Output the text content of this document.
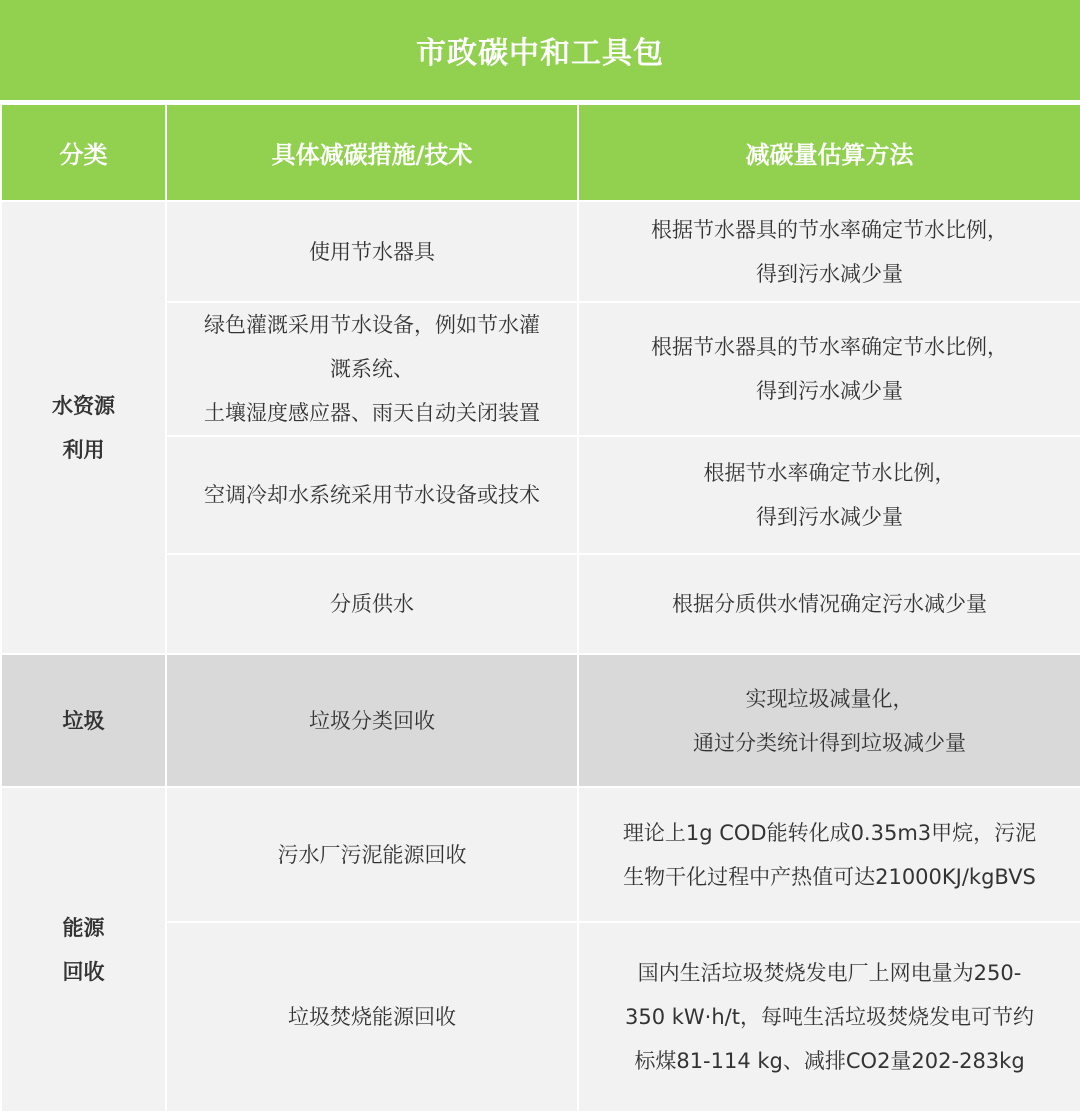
市政碳中和工具包
分类	具体减碳措施/技术	减碳量估算方法

水资源
利用	使用节水器具	根据节水器具的节水率确定节水比例，
得到污水减少量

	绿色灌溉采用节水设备，例如节水灌
溉系统、
土壤湿度感应器、雨天自动关闭装置	根据节水器具的节水率确定节水比例，
得到污水减少量

	空调冷却水系统采用节水设备或技术	根据节水率确定节水比例，
得到污水减少量

	分质供水	根据分质供水情况确定污水减少量

垃圾	垃圾分类回收	实现垃圾减量化，
通过分类统计得到垃圾减少量

能源
回收	污水厂污泥能源回收	理论上1g COD能转化成0.35m3甲烷，污泥
生物干化过程中产热值可达21000KJ/kgBVS

	垃圾焚烧能源回收	国内生活垃圾焚烧发电厂上网电量为250-
350 kW·h/t，每吨生活垃圾焚烧发电可节约
标煤81-114 kg、减排CO2量202-283kg
